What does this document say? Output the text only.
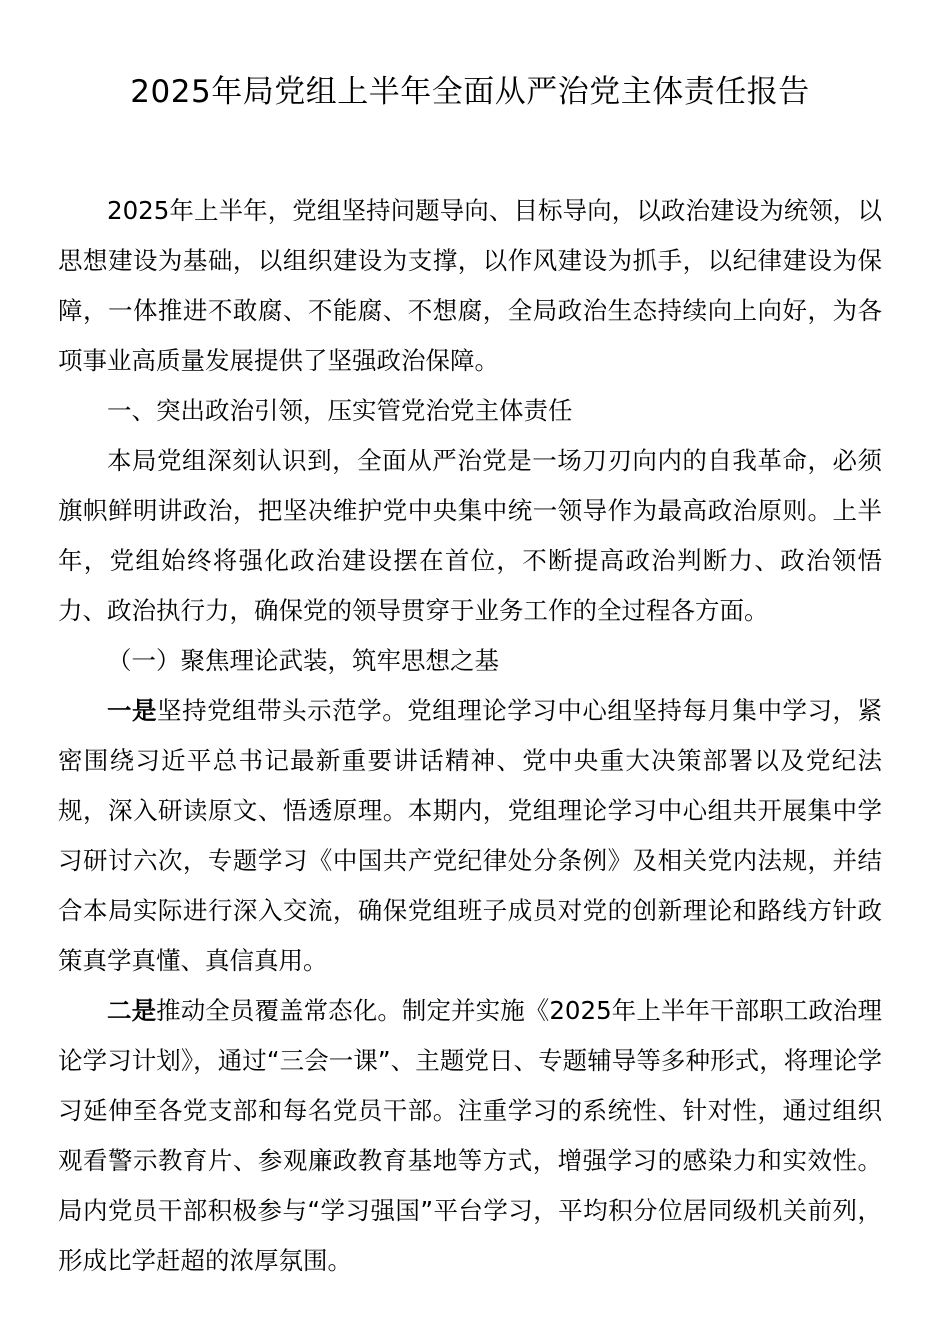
2025年局党组上半年全面从严治党主体责任报告

2025年上半年，党组坚持问题导向、目标导向，以政治建设为统领，以思想建设为基础，以组织建设为支撑，以作风建设为抓手，以纪律建设为保障，一体推进不敢腐、不能腐、不想腐，全局政治生态持续向上向好，为各项事业高质量发展提供了坚强政治保障。

一、突出政治引领，压实管党治党主体责任

本局党组深刻认识到，全面从严治党是一场刀刃向内的自我革命，必须旗帜鲜明讲政治，把坚决维护党中央集中统一领导作为最高政治原则。上半年，党组始终将强化政治建设摆在首位，不断提高政治判断力、政治领悟力、政治执行力，确保党的领导贯穿于业务工作的全过程各方面。

（一）聚焦理论武装，筑牢思想之基

一是坚持党组带头示范学。党组理论学习中心组坚持每月集中学习，紧密围绕习近平总书记最新重要讲话精神、党中央重大决策部署以及党纪法规，深入研读原文、悟透原理。本期内，党组理论学习中心组共开展集中学习研讨六次，专题学习《中国共产党纪律处分条例》及相关党内法规，并结合本局实际进行深入交流，确保党组班子成员对党的创新理论和路线方针政策真学真懂、真信真用。

二是推动全员覆盖常态化。制定并实施《2025年上半年干部职工政治理论学习计划》，通过“三会一课”、主题党日、专题辅导等多种形式，将理论学习延伸至各党支部和每名党员干部。注重学习的系统性、针对性，通过组织观看警示教育片、参观廉政教育基地等方式，增强学习的感染力和实效性。局内党员干部积极参与“学习强国”平台学习，平均积分位居同级机关前列，形成比学赶超的浓厚氛围。
